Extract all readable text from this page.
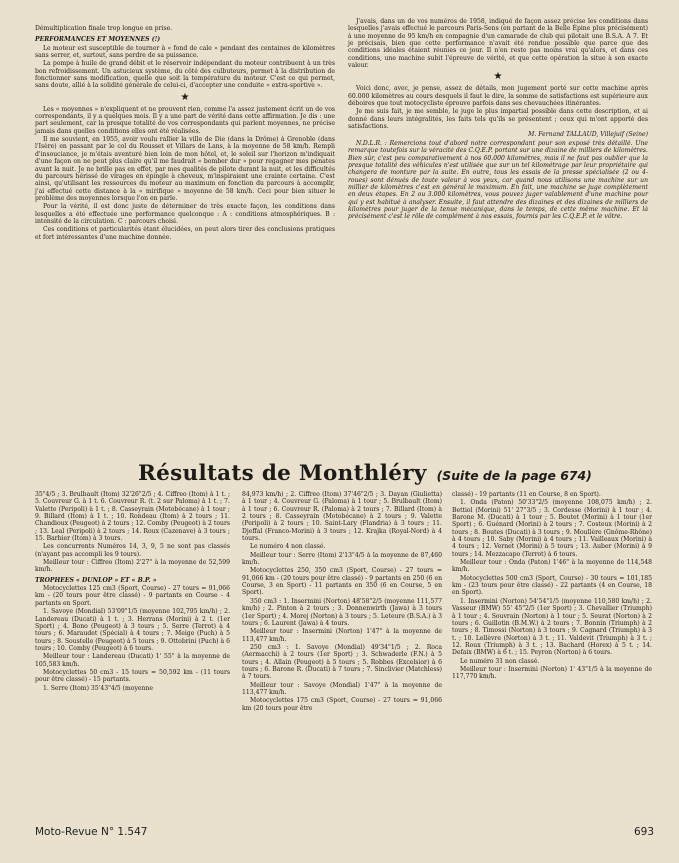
Démultiplication finale trop longue en prise.

PERFORMANCES ET MOYENNES (!)

Le moteur est susceptible de tourner à « fond de cale » pendant des centaines de kilomètres sans serrer, et, surtout, sans perdre de sa puissance.

La pompe à huile de grand débit et le réservoir indépendant du moteur contribuent à un très bon refroidissement. Un astucieux système, du côté des culbuteurs, permet à la distribution de fonctionner sans modification, quelle que soit la température du moteur. C'est ce qui permet, sans doute, allié à la solidité générale de celui-ci, d'accepter une conduite « extra-sportive ».

★

Les « moyennes » n'expliquent et ne prouvent rien, comme l'a assez justement écrit un de vos correspondants, il y a quelques mois. Il y a une part de vérité dans cette affirmation. Je dis : une part seulement, car la presque totalité de vos correspondants qui parlent moyennes, ne précise jamais dans quelles conditions elles ont été réalisées.

Il me souvient, en 1955, avoir voulu rallier la ville de Die (dans la Drôme) à Grenoble (dans l'Isère) en passant par le col du Rousset et Villars de Lans, à la moyenne de 58 km/h. Rempli d'insouciance, je m'étais aventuré bien loin de mon hôtel, et, le soleil sur l'horizon m'indiquait d'une façon on ne peut plus claire qu'il me faudrait « bomber dur » pour regagner mes pénates avant la nuit. Je ne brille pas en effet, par mes qualités de pilote durant la nuit, et les difficultés du parcours hérissé de virages en épingle à cheveux, m'inspiraient une crainte certaine. C'est ainsi, qu'utilisant les ressources du moteur au maximum en fonction du parcours à accomplir, j'ai effectué cette distance à la « mirifique » moyenne de 58 km/h. Ceci pour bien situer le problème des moyennes lorsque l'on en parle.

Pour la vérité, il est donc juste de déterminer de très exacte façon, les conditions dans lesquelles a été effectuée une performance quelconque : A : conditions atmosphériques. B : intensité de la circulation. C : parcours choisi.

Ces conditions et particularités étant élucidées, on peut alors tirer des conclusions pratiques et fort intéressantes d'une machine donnée.

J'avais, dans un de vos numéros de 1958, indiqué de façon assez précise les conditions dans lesquelles j'avais effectué le parcours Paris-Sens (en partant de la Belle Épine plus précisément) à une moyenne de 95 km/h en compagnie d'un camarade de club qui pilotait une B.S.A. A 7. Et je précisais, bien que cette performance n'avait été rendue possible que parce que des conditions idéales étaient réunies ce jour. Il n'en reste pas moins vrai qu'alors, et dans ces conditions, une machine subit l'épreuve de vérité, et que cette opération la situe à son exacte valeur.

★

Voici donc, avec, je pense, assez de détails, mon jugement porté sur cette machine après 60.000 kilomètres au cours desquels il faut le dire, la somme de satisfactions est supérieure aux déboires que tout motocycliste éprouve parfois dans ses chevauchées itinérantes.

Je me suis fait, je me semble, le juge le plus impartial possible dans cette description, et ai donné dans leurs intégralités, les faits tels qu'ils se présentent ; ceux qui m'ont apporté des satisfactions.

M. Fernand TALLAUD, Villejuif (Seine)

N.D.L.R. : Remercions tout d'abord notre correspondant pour son exposé très détaillé. Une remarque toutefois sur la véracité des C.Q.E.P. portant sur une dizaine de milliers de kilomètres. Bien sûr, c'est peu comparativement à nos 60.000 kilomètres, mais il ne faut pas oublier que la presque totalité des véhicules n'est utilisée que sur un tel kilométrage par leur propriétaire qui changera de monture par la suite. En outre, tous les essais de la presse spécialisée (2 ou 4-roues) sont dénués de toute valeur à vos yeux, car quand nous utilisons une machine sur un millier de kilomètres c'est en général le maximum. En fait, une machine se juge complètement en deux étapes. En 2 ou 3.000 kilomètres, vous pouvez juger valablement d'une machine pour qui y est habitué à analyser. Ensuite, il faut attendre des dizaines et des dizaines de milliers de kilomètres pour juger de la tenue mécanique, dans le temps, de cette même machine. Et là précisément c'est le rôle de complément à nos essais, fournis par les C.Q.E.P. et le vôtre.

Résultats de Monthléry (Suite de la page 674)

35"4/5 ; 3. Brulbault (Itom) 32'26"2/5 ; 4. Ciffreo (Itom) à 1 t. ; 5. Couvreur G. à 1 t. 6. Couvreur R. (t. 2 sur Paloma) à 1 t. ; 7. Valette (Peripoli) à 1 t. ; 8. Casseyrain (Motobécane) à 1 tour ; 9. Billard (Itom) à 1 t. ; 10. Rondeau (Itom) à 2 tours ; 11. Chandioux (Peugeot) à 2 tours ; 12. Comby (Peugeot) à 2 tours ; 13. Leal (Peripoli) à 2 tours ; 14. Roux (Cazenave) à 3 tours ; 15. Barbier (Itom) à 3 tours.

Les concurrents Numéros 14, 3, 9, 5 ne sont pas classés (n'ayant pas accompli les 9 tours).

Meilleur tour : Ciffreo (Itom) 2'27" à la moyenne de 52,599 km/h.

TROPHEES « DUNLOP » ET « B.P. »

Motocyclettes 125 cm3 (Sport, Course) - 27 tours = 91,066 km - (20 tours pour être classé) - 9 partants en Course - 4 partants en Sport.

1. Savoye (Mondial) 53'09"1/5 (moyenne 102,795 km/h) ; 2. Landereau (Ducati) à 1 t. ; 3. Herrans (Morini) à 2 t. (1er Sport) ; 4. Bono (Peugeot) à 3 tours ; 5. Serre (Terrot) à 4 tours ; 6. Maraudet (Spécial) à 4 tours ; 7. Meige (Puch) à 5 tours ; 8. Soustelle (Peugeot) à 5 tours ; 9. Ottobrini (Puch) à 6 tours ; 10. Comby (Peugeot) à 6 tours.

Meilleur tour : Landereau (Ducati) 1' 55" à la moyenne de 105,583 km/h.

Motocyclettes 50 cm3 - 15 tours = 50,592 km - (11 tours pour être classé) - 15 partants.

1. Serre (Itom) 35'43"4/5 (moyenne

84,973 km/h) ; 2. Ciffreo (Itom) 37'46"2/5 ; 3. Dayan (Giulietta) à 1 tour ; 4. Couvreur G. (Paloma) à 1 tour ; 5. Brulbault (Itom) à 1 tour ; 6. Couvreur R. (Paloma) à 2 tours ; 7. Billard (Itom) à 2 tours ; 8. Casseyrain (Motobécane) à 2 tours ; 9. Valette (Peripoli) à 2 tours ; 10. Saint-Lary (Flandria) à 3 tours ; 11. Djeffal (Franco-Morini) à 3 tours ; 12. Krajka (Royal-Nord) à 4 tours.

Le numéro 4 non classé.

Meilleur tour : Serre (Itom) 2'13"4/5 à la moyenne de 87,460 km/h.

Motocyclettes 250, 350 cm3 (Sport, Course) - 27 tours = 91,066 km - (20 tours pour être classé) - 9 partants en 250 (6 en Course, 3 en Sport) - 11 partants en 350 (6 en Course, 5 en Sport).

350 cm3 : 1. Insermini (Norton) 48'58"2/5 (moyenne 111,577 km/h) ; 2. Pinton à 2 tours ; 3. Donnenwirth (Jawa) à 3 tours (1er Sport) ; 4. Morej (Norton) à 3 tours ; 5. Leteure (B.S.A.) à 3 tours ; 6. Laurent (Jawa) à 4 tours.

Meilleur tour : Insermini (Norton) 1'47" à la moyenne de 113,477 km/h.

250 cm3 : 1. Savoye (Mondial) 49'34"1/5 ; 2. Roca (Aermacchi) à 2 tours (1er Sport) ; 3. Schwaderle (F.N.) à 5 tours ; 4. Allain (Peugeot) à 5 tours ; 5. Robbes (Excelsior) à 6 tours ; 6. Barone R. (Ducati) à 7 tours ; 7. Sinclivier (Matchless) à 7 tours.

Meilleur tour : Savoye (Mondial) 1'47" à la moyenne de 113,477 km/h.

Motocyclettes 175 cm3 (Sport, Course) - 27 tours = 91,066 km (20 tours pour être

classé) - 19 partants (11 en Course, 8 en Sport).

1. Onda (Paton) 50'33"2/5 (moyenne 108,075 km/h) ; 2. Bettiol (Morini) 51' 27"3/5 ; 3. Cordesse (Morini) à 1 tour ; 4. Barone M. (Ducati) à 1 tour ; 5. Boutet (Morini) à 1 tour (1er Sport) ; 6. Guénard (Morini) à 2 tours ; 7. Costeux (Morini) à 2 tours ; 8. Boutes (Ducati) à 3 tours ; 9. Moullère (Gnôme-Rhône) à 4 tours ; 10. Saby (Morini) à 4 tours ; 11. Vailleaux (Morini) à 4 tours ; 12. Vernet (Morini) à 5 tours ; 13. Auber (Morini) à 9 tours ; 14. Mezzacapo (Terrot) à 6 tours.

Meilleur tour : Onda (Paton) 1'46" à la moyenne de 114,548 km/h.

Motocyclettes 500 cm3 (Sport, Course) - 30 tours = 101,185 km - (23 tours pour être classé) - 22 partants (4 en Course, 18 en Sport).

1. Insermini (Norton) 54'54"1/5 (moyenne 110,580 km/h) ; 2. Vasseur (BMW) 55' 45"2/5 (1er Sport) ; 3. Chevallier (Triumph) à 1 tour ; 4. Souvrain (Norton) à 1 tour ; 5. Seurat (Norton) à 2 tours ; 6. Guillotin (B.M.W.) à 2 tours ; 7. Bonnin (Triumph) à 2 tours ; 8. Timossi (Norton) à 3 tours ; 9. Cagnard (Triumph) à 3 t. ; 10. Lellèvre (Norton) à 3 t. ; 11. Valdevit (Triumph) à 3 t. ; 12. Roux (Triumph) à 3 t. ; 13. Bachard (Horex) à 5 t. ; 14. Defaix (BMW) à 6 t. ; 15. Peyron (Norton) à 6 tours.

Le numéro 31 non classé.

Meilleur tour : Insermini (Norton) 1' 43"1/5 à la moyenne de 117,770 km/h.

Moto-Revue N° 1.547	693
